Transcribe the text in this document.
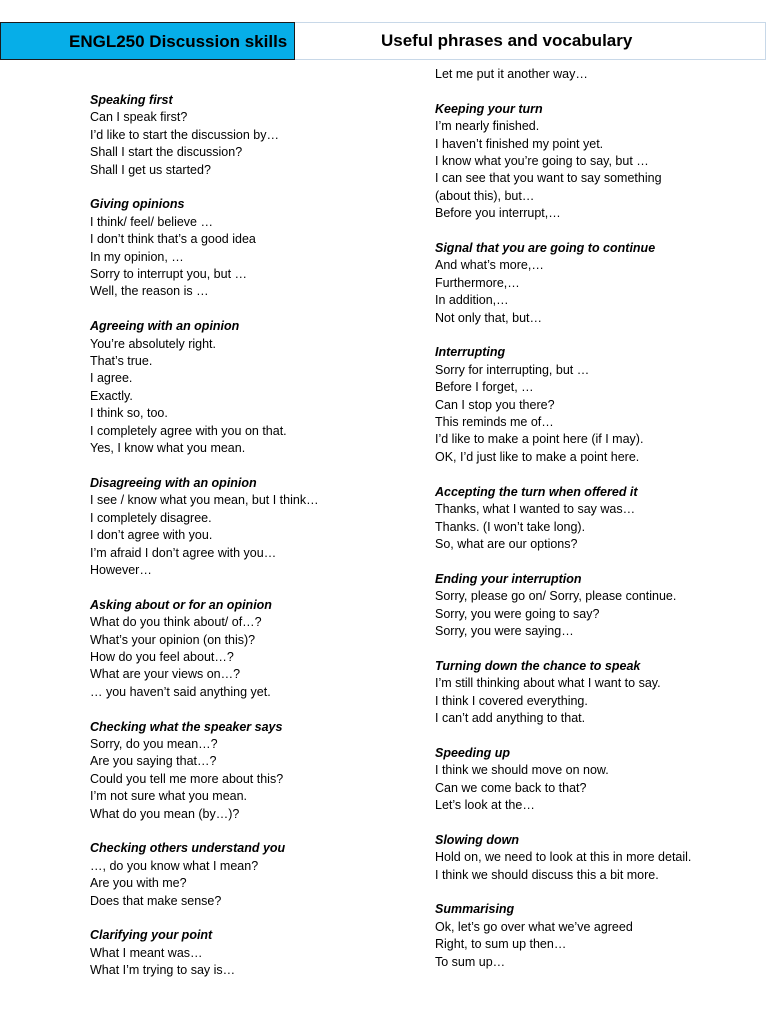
ENGL250 Discussion skills	Useful phrases and vocabulary

Speaking first

Can I speak first?

I’d like to start the discussion by…

Shall I start the discussion?

Shall I get us started?

Giving opinions

I think/ feel/ believe …

I don’t think that’s a good idea

In my opinion, …

Sorry to interrupt you, but …

Well, the reason is …

Agreeing with an opinion

You’re absolutely right.

That’s true.

I agree.

Exactly.

I think so, too.

I completely agree with you on that.

Yes, I know what you mean.

Disagreeing with an opinion

I see / know what you mean, but I think…

I completely disagree.

I don’t agree with you.

I’m afraid I don’t agree with you…

However…

Asking about or for an opinion

What do you think about/ of…?

What’s your opinion (on this)?

How do you feel about…?

What are your views on…?

… you haven’t said anything yet.

Checking what the speaker says

Sorry, do you mean…?

Are you saying that…?

Could you tell me more about this?

I’m not sure what you mean.

What do you mean (by…)?

Checking others understand you

…, do you know what I mean?

Are you with me?

Does that make sense?

Clarifying your point

What I meant was…

What I’m trying to say is…

Let me put it another way…

Keeping your turn

I’m nearly finished.

I haven’t finished my point yet.

I know what you’re going to say, but …

I can see that you want to say something

(about this), but…

Before you interrupt,…

Signal that you are going to continue

And what’s more,…

Furthermore,…

In addition,…

Not only that, but…

Interrupting

Sorry for interrupting, but …

Before I forget, …

Can I stop you there?

This reminds me of…

I’d like to make a point here (if I may).

OK, I’d just like to make a point here.

Accepting the turn when offered it

Thanks, what I wanted to say was…

Thanks. (I won’t take long).

So, what are our options?

Ending your interruption

Sorry, please go on/ Sorry, please continue.

Sorry, you were going to say?

Sorry, you were saying…

Turning down the chance to speak

I’m still thinking about what I want to say.

I think I covered everything.

I can’t add anything to that.

Speeding up

I think we should move on now.

Can we come back to that?

Let’s look at the…

Slowing down

Hold on, we need to look at this in more detail.

I think we should discuss this a bit more.

Summarising

Ok, let’s go over what we’ve agreed

Right, to sum up then…

To sum up…
